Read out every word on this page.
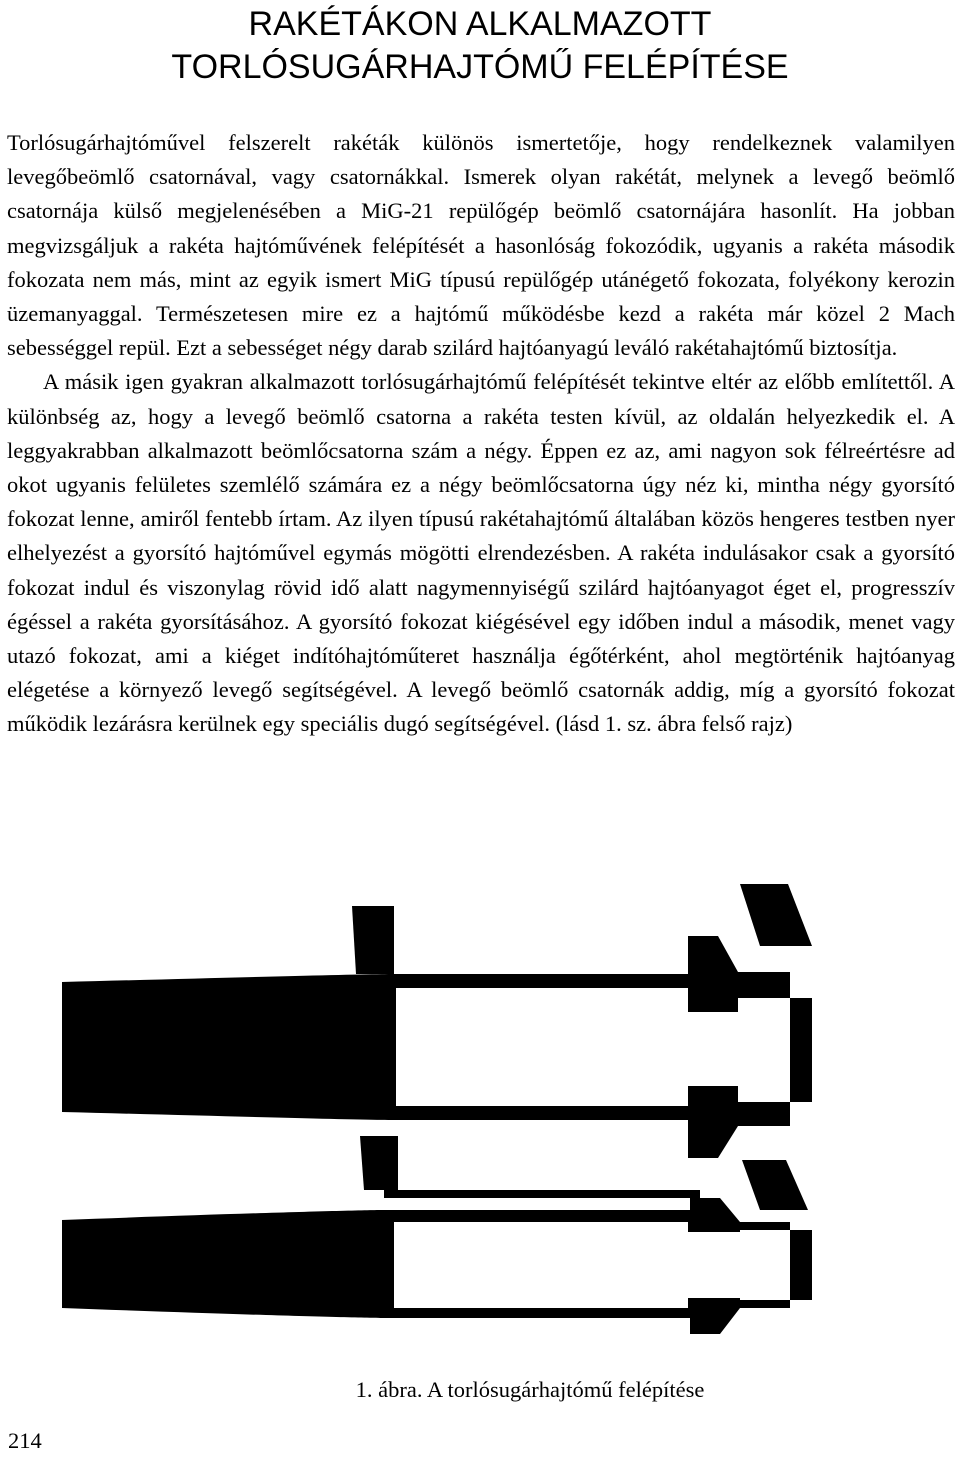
RAKÉTÁKON ALKALMAZOTT
TORLÓSUGÁRHAJTÓMŰ FELÉPÍTÉSE

Torlósugárhajtóművel felszerelt rakéták különös ismertetője, hogy rendelkeznek valamilyen levegőbeömlő csatornával, vagy csatornákkal. Ismerek olyan rakétát, melynek a levegő beömlő csatornája külső megjelenésében a MiG-21 repülőgép beömlő csatornájára hasonlít. Ha jobban megvizsgáljuk a rakéta hajtóművének felépítését a hasonlóság fokozódik, ugyanis a rakéta második fokozata nem más, mint az egyik ismert MiG típusú repülőgép utánégető fokozata, folyékony kerozin üzemanyaggal. Természetesen mire ez a hajtómű működésbe kezd a rakéta már közel 2 Mach sebességgel repül. Ezt a sebességet négy darab szilárd hajtóanyagú leváló rakétahajtómű biztosítja.

A másik igen gyakran alkalmazott torlósugárhajtómű felépítését tekintve eltér az előbb említettől. A különbség az, hogy a levegő beömlő csatorna a rakéta testen kívül, az oldalán helyezkedik el. A leggyakrabban alkalmazott beömlőcsatorna szám a négy. Éppen ez az, ami nagyon sok félreértésre ad okot ugyanis felületes szemlélő számára ez a négy beömlőcsatorna úgy néz ki, mintha négy gyorsító fokozat lenne, amiről fentebb írtam. Az ilyen típusú rakétahajtómű általában közös hengeres testben nyer elhelyezést a gyorsító hajtóművel egymás mögötti elrendezésben. A rakéta indulásakor csak a gyorsító fokozat indul és viszonylag rövid idő alatt nagymennyiségű szilárd hajtóanyagot éget el, progresszív égéssel a rakéta gyorsításához. A gyorsító fokozat kiégésével egy időben indul a második, menet vagy utazó fokozat, ami a kiéget indítóhajtóműteret használja égőtérként, ahol megtörténik hajtóanyag elégetése a környező levegő segítségével. A levegő beömlő csatornák addig, míg a gyorsító fokozat működik lezárásra kerülnek egy speciális dugó segítségével. (lásd 1. sz. ábra felső rajz)

1. ábra. A torlósugárhajtómű felépítése
214
